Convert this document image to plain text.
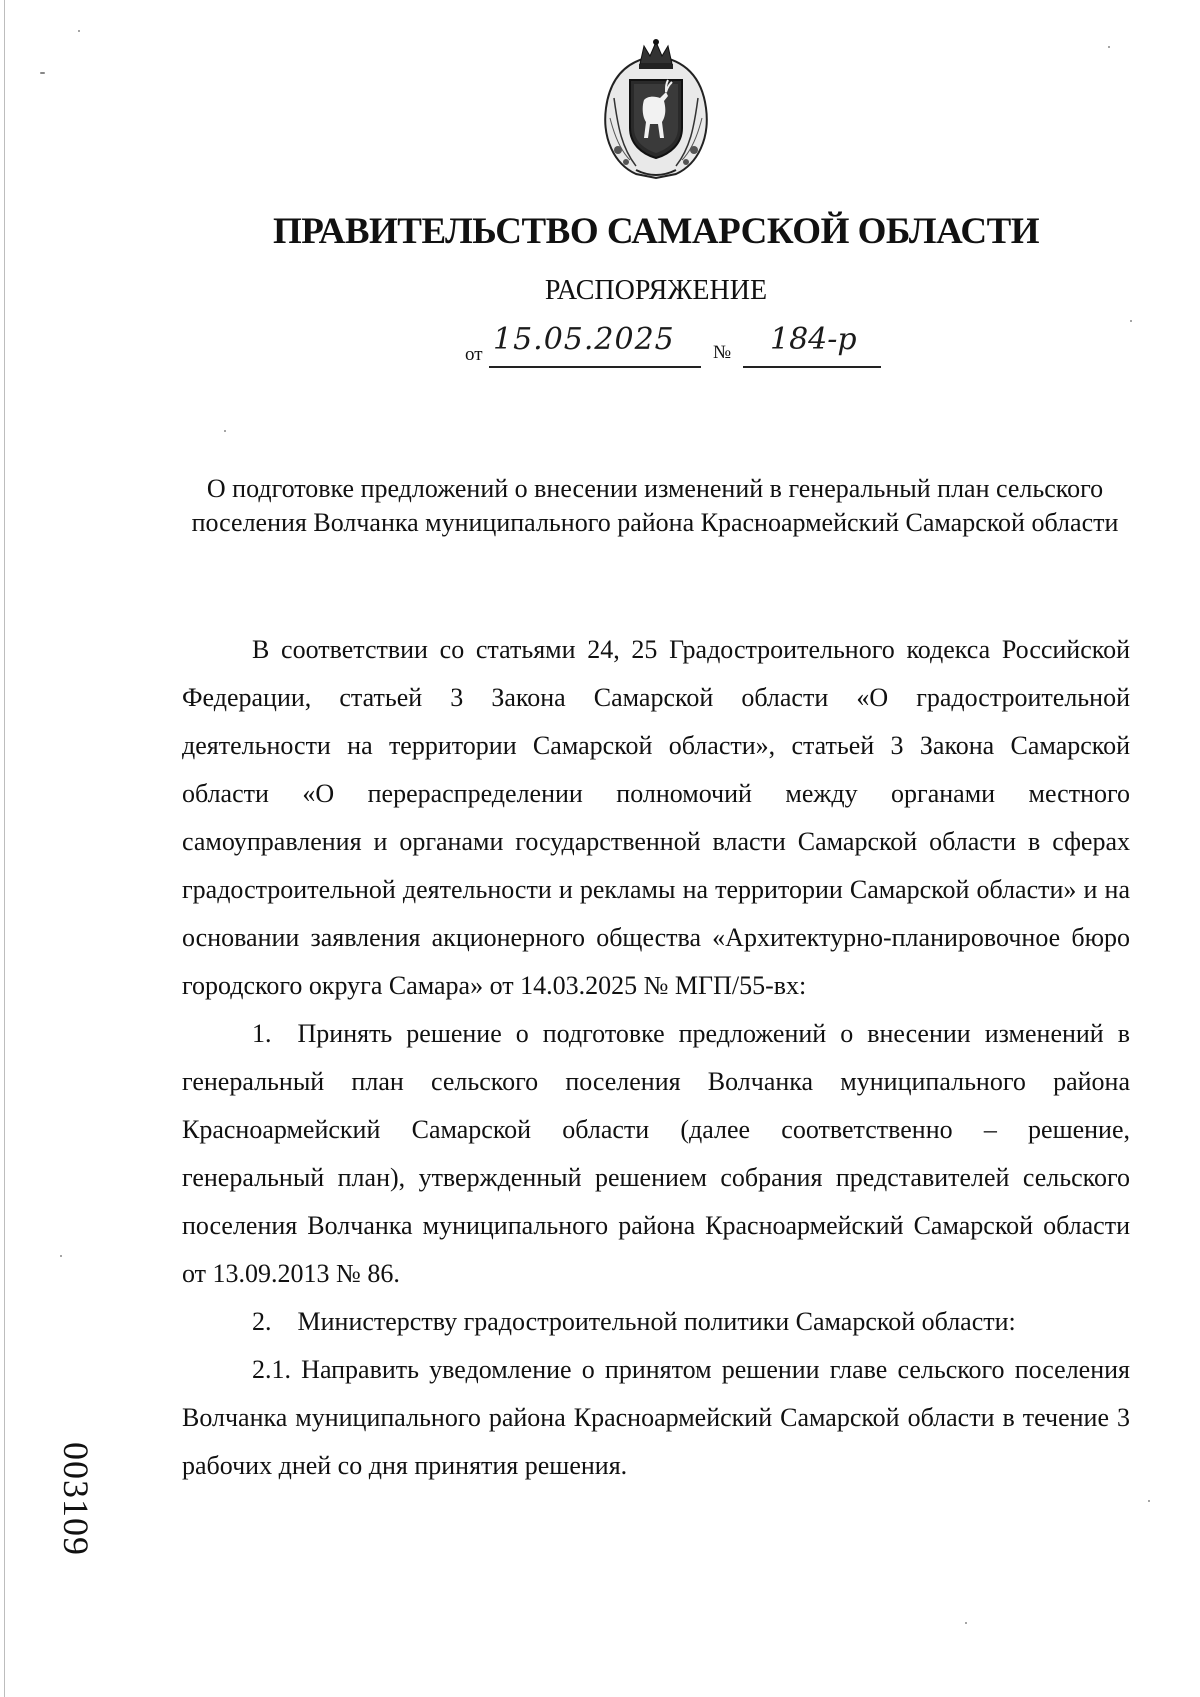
ПРАВИТЕЛЬСТВО САМАРСКОЙ ОБЛАСТИ
РАСПОРЯЖЕНИЕ
от 15.05.2025	№ 184-р
О подготовке предложений о внесении изменений в генеральный план сельского поселения Волчанка муниципального района Красноармейский Самарской области

В соответствии со статьями 24, 25 Градостроительного кодекса Российской Федерации, статьей 3 Закона Самарской области «О градостроительной деятельности на территории Самарской области», статьей 3 Закона Самарской области «О перераспределении полномочий между органами местного самоуправления и органами государственной власти Самарской области в сферах градостроительной деятельности и рекламы на территории Самарской области» и на основании заявления акционерного общества «Архитектурно-планировочное бюро городского округа Самара» от 14.03.2025 № МГП/55-вх:

1. Принять решение о подготовке предложений о внесении изменений в генеральный план сельского поселения Волчанка муниципального района Красноармейский Самарской области (далее соответственно – решение, генеральный план), утвержденный решением собрания представителей сельского поселения Волчанка муниципального района Красноармейский Самарской области от 13.09.2013 № 86.

2. Министерству градостроительной политики Самарской области:

2.1. Направить уведомление о принятом решении главе сельского поселения Волчанка муниципального района Красноармейский Самарской области в течение 3 рабочих дней со дня принятия решения.

003109
